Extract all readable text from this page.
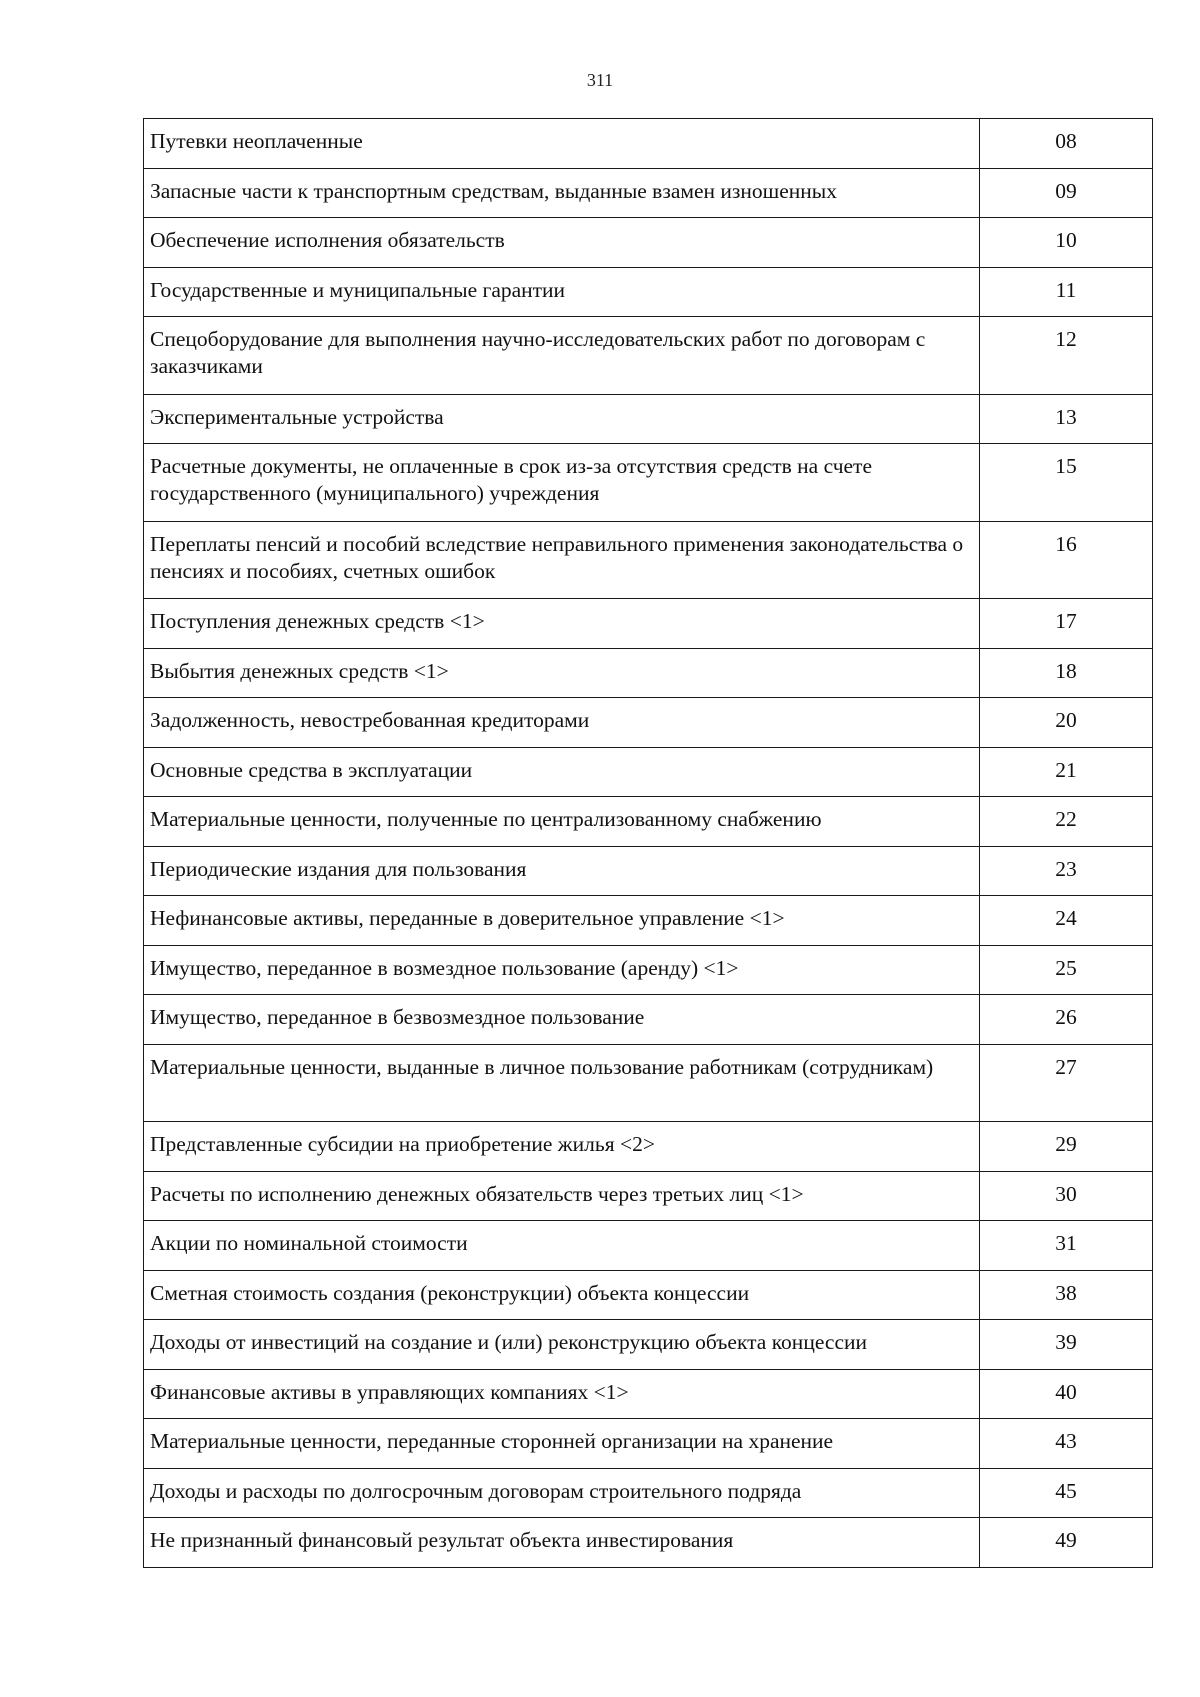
311
Путевки неоплаченные	08
Запасные части к транспортным средствам, выданные взамен изношенных	09
Обеспечение исполнения обязательств	10
Государственные и муниципальные гарантии	11
Спецоборудование для выполнения научно-исследовательских работ по договорам с заказчиками	12
Экспериментальные устройства	13
Расчетные документы, не оплаченные в срок из-за отсутствия средств на счете государственного (муниципального) учреждения	15
Переплаты пенсий и пособий вследствие неправильного применения законодательства о пенсиях и пособиях, счетных ошибок	16
Поступления денежных средств <1>	17
Выбытия денежных средств <1>	18
Задолженность, невостребованная кредиторами	20
Основные средства в эксплуатации	21
Материальные ценности, полученные по централизованному снабжению	22
Периодические издания для пользования	23
Нефинансовые активы, переданные в доверительное управление <1>	24
Имущество, переданное в возмездное пользование (аренду) <1>	25
Имущество, переданное в безвозмездное пользование	26
Материальные ценности, выданные в личное пользование работникам (сотрудникам)	27
Представленные субсидии на приобретение жилья <2>	29
Расчеты по исполнению денежных обязательств через третьих лиц <1>	30
Акции по номинальной стоимости	31
Сметная стоимость создания (реконструкции) объекта концессии	38
Доходы от инвестиций на создание и (или) реконструкцию объекта концессии	39
Финансовые активы в управляющих компаниях <1>	40
Материальные ценности, переданные сторонней организации на хранение	43
Доходы и расходы по долгосрочным договорам строительного подряда	45
Не признанный финансовый результат объекта инвестирования	49
